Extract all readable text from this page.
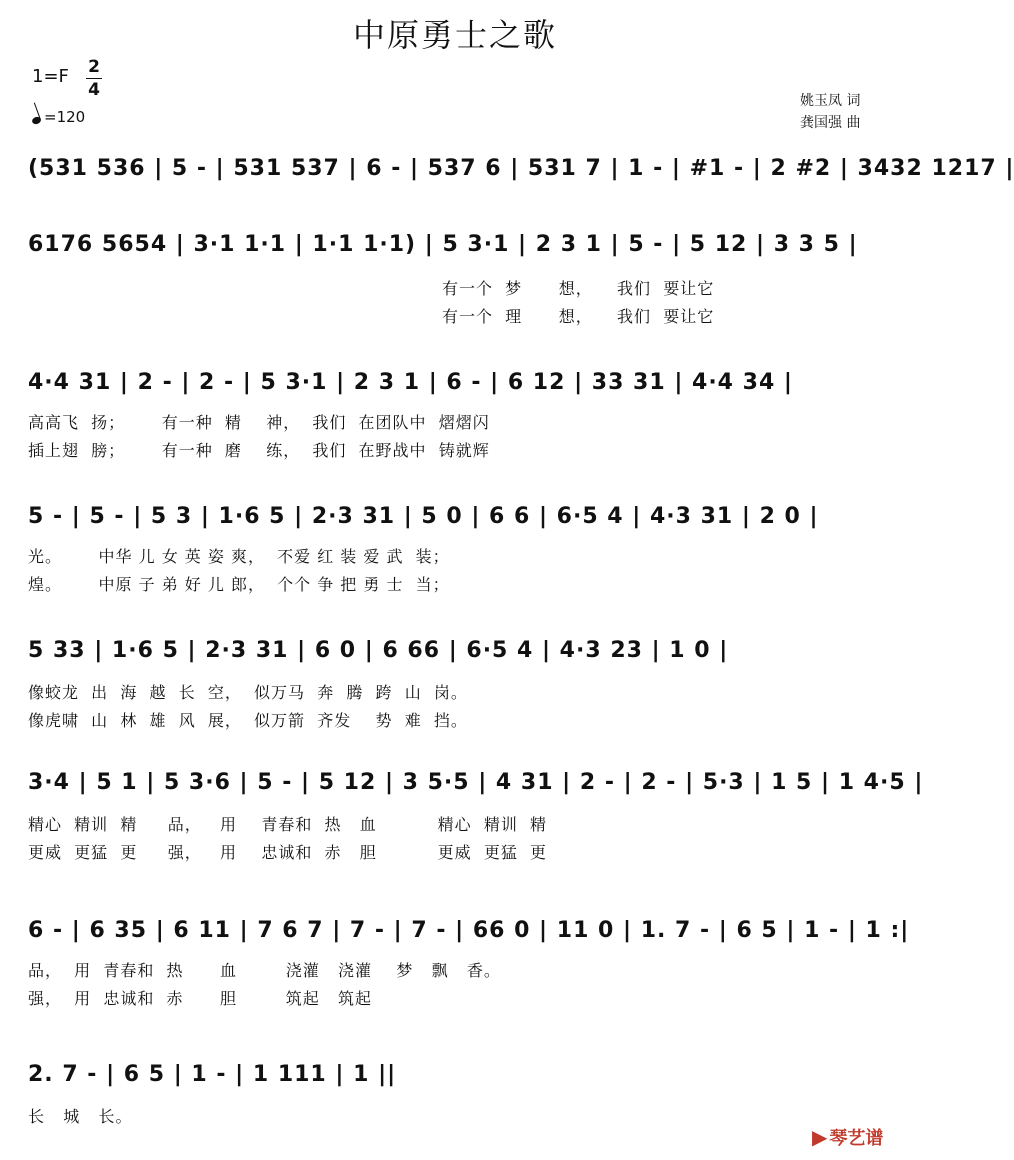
中原勇士之歌
$1=F \frac{2}{4}$
=120
姚玉凤 词
龚国强 曲
(531 536 | 5 - | 531 537 | 6 - | 537 6 | 531 7 | 1 - | #1 - | 2 #2 | 3432 1217 |
6176 5654 | 3·1 1·1 | 1·1 1·1) | 5 3·1 | 2 3 1 | 5 - | 5 12 | 3 3 5 |
有一个  梦      想，    我们  要让它
有一个  理      想，    我们  要让它
4·4 31 | 2 - | 2 - | 5 3·1 | 2 3 1 | 6 - | 6 12 | 33 31 | 4·4 34 |
高高飞  扬；      有一种  精    神，  我们  在团队中  熠熠闪
插上翅  膀；      有一种  磨    练，  我们  在野战中  铸就辉
5 - | 5 - | 5 3 | 1·6 5 | 2·3 31 | 5 0 | 6 6 | 6·5 4 | 4·3 31 | 2 0 |
光。      中华 儿 女 英 姿 爽，  不爱 红 装 爱 武  装；
煌。      中原 子 弟 好 儿 郎，  个个 争 把 勇 士  当；
5 33 | 1·6 5 | 2·3 31 | 6 0 | 6 66 | 6·5 4 | 4·3 23 | 1 0 |
像蛟龙  出  海  越  长  空，  似万马  奔  腾  跨  山  岗。
像虎啸  山  林  雄  风  展，  似万箭  齐发    势  难  挡。
3·4 | 5 1 | 5 3·6 | 5 - | 5 12 | 3 5·5 | 4 31 | 2 - | 2 - | 5·3 | 1 5 | 1 4·5 |
精心  精训  精     品，   用    青春和  热   血          精心  精训  精
更威  更猛  更     强，   用    忠诚和  赤   胆          更威  更猛  更
6 - | 6 35 | 6 11 | 7 6 7 | 7 - | 7 - | 66 0 | 11 0 | 1. 7 - | 6 5 | 1 - | 1 :|
品，  用  青春和  热      血        浇灌   浇灌    梦   飘   香。
强，  用  忠诚和  赤      胆        筑起   筑起
2. 7 - | 6 5 | 1 - | 1 111 | 1 ||
长   城   长。
▶ 琴艺谱
